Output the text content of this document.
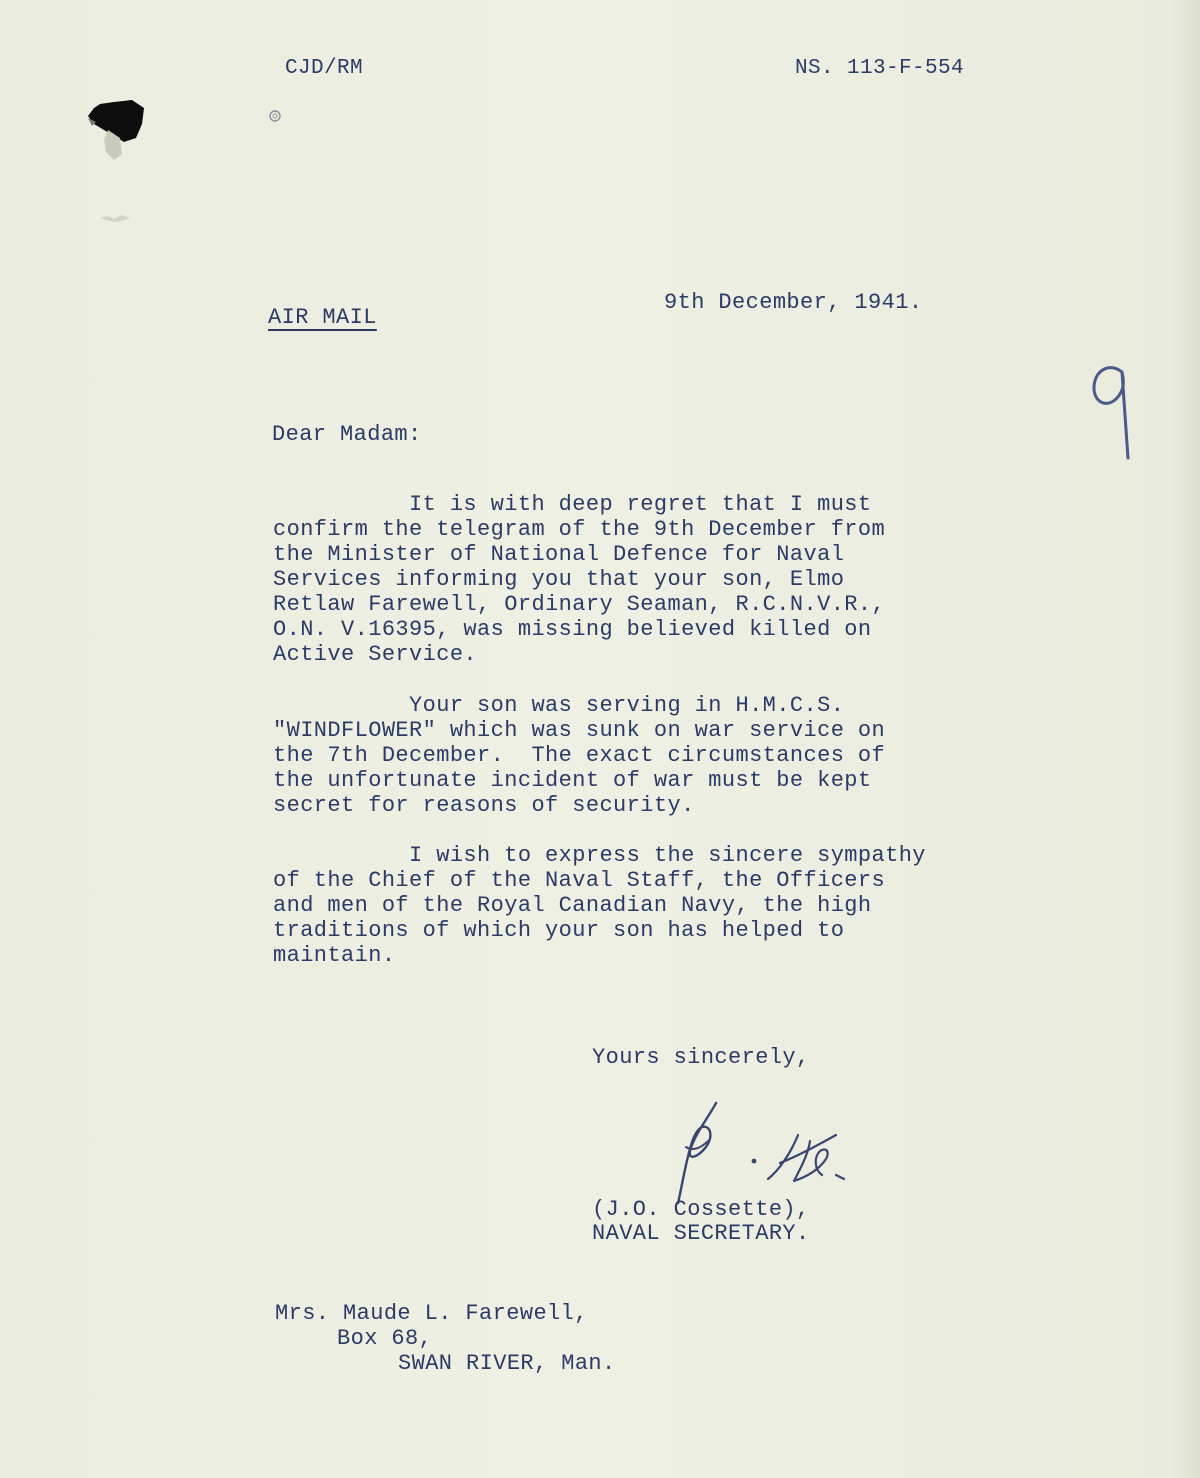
CJD/RM	NS. 113-F-554
AIR MAIL
9th December, 1941.
9
Dear Madam:
It is with deep regret that I must
confirm the telegram of the 9th December from
the Minister of National Defence for Naval
Services informing you that your son, Elmo
Retlaw Farewell, Ordinary Seaman, R.C.N.V.R.,
O.N. V.16395, was missing believed killed on
Active Service.
Your son was serving in H.M.C.S.
"WINDFLOWER" which was sunk on war service on
the 7th December.  The exact circumstances of
the unfortunate incident of war must be kept
secret for reasons of security.
I wish to express the sincere sympathy
of the Chief of the Naval Staff, the Officers
and men of the Royal Canadian Navy, the high
traditions of which your son has helped to
maintain.
Yours sincerely,
(J.O. Cossette),
NAVAL SECRETARY.
Mrs. Maude L. Farewell,
Box 68,
SWAN RIVER, Man.
